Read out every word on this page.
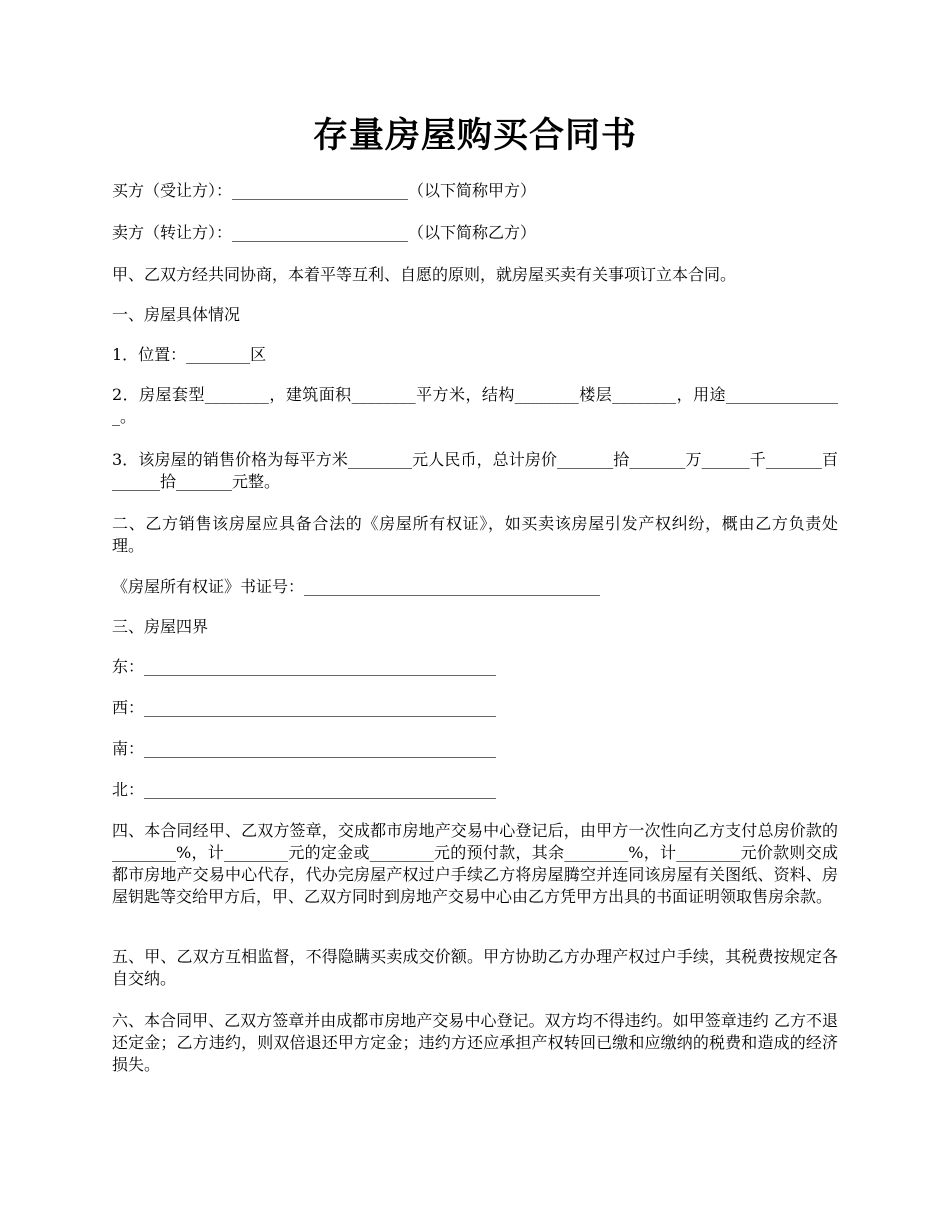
存量房屋购买合同书
买方（受让方）：______________________（以下简称甲方）
卖方（转让方）：______________________（以下简称乙方）
甲、乙双方经共同协商，本着平等互利、自愿的原则，就房屋买卖有关事项订立本合同。
一、房屋具体情况
1．位置：________区
2．房屋套型________，建筑面积________平方米，结构________楼层________，用途_______________。
3．该房屋的销售价格为每平方米________元人民币，总计房价_______拾_______万______千_______百______拾_______元整。
二、乙方销售该房屋应具备合法的《房屋所有权证》，如买卖该房屋引发产权纠纷，概由乙方负责处理。
《房屋所有权证》书证号：_____________________________________
三、房屋四界
东：____________________________________________
西：____________________________________________
南：____________________________________________
北：____________________________________________
四、本合同经甲、乙双方签章，交成都市房地产交易中心登记后，由甲方一次性向乙方支付总房价款的________%，计________元的定金或________元的预付款，其余________%，计________元价款则交成都市房地产交易中心代存，代办完房屋产权过户手续乙方将房屋腾空并连同该房屋有关图纸、资料、房屋钥匙等交给甲方后，甲、乙双方同时到房地产交易中心由乙方凭甲方出具的书面证明领取售房余款。
五、甲、乙双方互相监督，不得隐瞒买卖成交价额。甲方协助乙方办理产权过户手续，其税费按规定各自交纳。
六、本合同甲、乙双方签章并由成都市房地产交易中心登记。双方均不得违约。如甲签章违约 乙方不退还定金；乙方违约，则双倍退还甲方定金；违约方还应承担产权转回已缴和应缴纳的税费和造成的经济损失。
